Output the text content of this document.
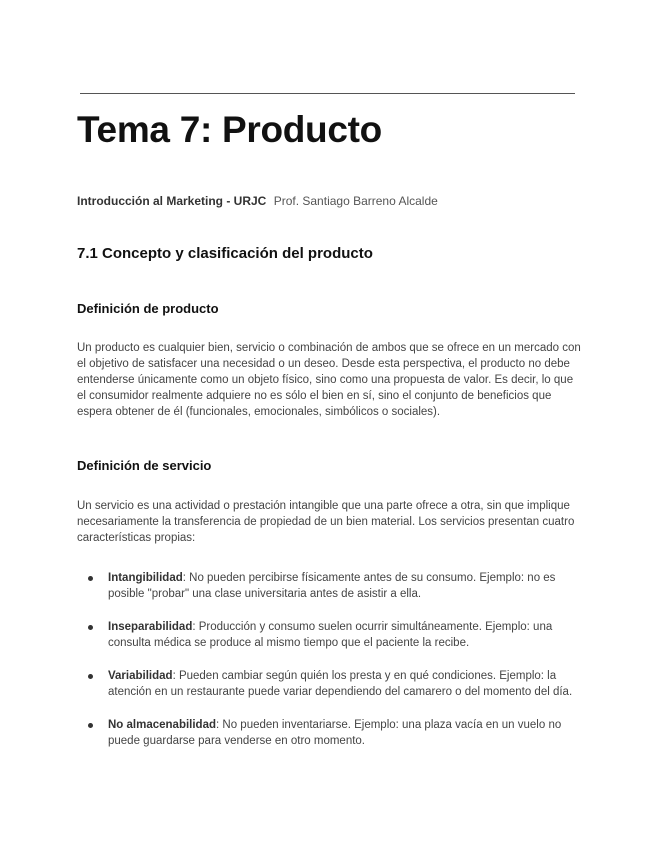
Tema 7: Producto
Introducción al Marketing - URJC Prof. Santiago Barreno Alcalde
7.1 Concepto y clasificación del producto
Definición de producto

Un producto es cualquier bien, servicio o combinación de ambos que se ofrece en un mercado con el objetivo de satisfacer una necesidad o un deseo. Desde esta perspectiva, el producto no debe entenderse únicamente como un objeto físico, sino como una propuesta de valor. Es decir, lo que el consumidor realmente adquiere no es sólo el bien en sí, sino el conjunto de beneficios que espera obtener de él (funcionales, emocionales, simbólicos o sociales).

Definición de servicio

Un servicio es una actividad o prestación intangible que una parte ofrece a otra, sin que implique necesariamente la transferencia de propiedad de un bien material. Los servicios presentan cuatro características propias:

Intangibilidad: No pueden percibirse físicamente antes de su consumo. Ejemplo: no es posible "probar" una clase universitaria antes de asistir a ella.
Inseparabilidad: Producción y consumo suelen ocurrir simultáneamente. Ejemplo: una consulta médica se produce al mismo tiempo que el paciente la recibe.
Variabilidad: Pueden cambiar según quién los presta y en qué condiciones. Ejemplo: la atención en un restaurante puede variar dependiendo del camarero o del momento del día.
No almacenabilidad: No pueden inventariarse. Ejemplo: una plaza vacía en un vuelo no puede guardarse para venderse en otro momento.
